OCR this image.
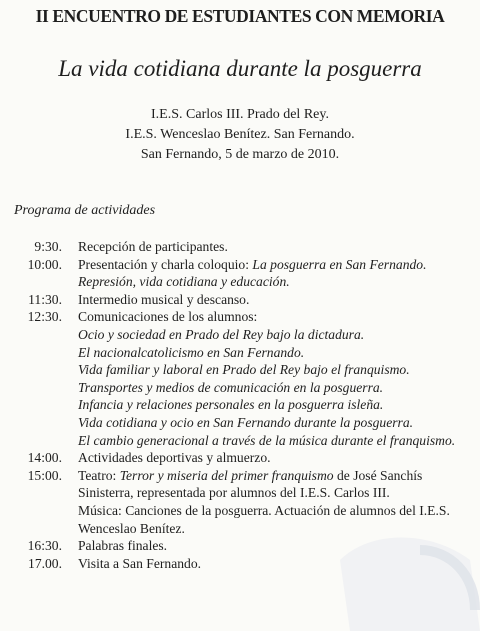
II ENCUENTRO DE ESTUDIANTES CON MEMORIA
La vida cotidiana durante la posguerra
I.E.S. Carlos III. Prado del Rey.
I.E.S. Wenceslao Benítez. San Fernando.
San Fernando, 5 de marzo de 2010.
Programa de actividades
9:30. Recepción de participantes.
10:00. Presentación y charla coloquio: La posguerra en San Fernando.
Represión, vida cotidiana y educación.
11:30. Intermedio musical y descanso.
12:30. Comunicaciones de los alumnos:
Ocio y sociedad en Prado del Rey bajo la dictadura.
El nacionalcatolicismo en San Fernando.
Vida familiar y laboral en Prado del Rey bajo el franquismo.
Transportes y medios de comunicación en la posguerra.
Infancia y relaciones personales en la posguerra isleña.
Vida cotidiana y ocio en San Fernando durante la posguerra.
El cambio generacional a través de la música durante el franquismo.
14:00. Actividades deportivas y almuerzo.
15:00. Teatro: Terror y miseria del primer franquismo de José Sanchís
Sinisterra, representada por alumnos del I.E.S. Carlos III.
Música: Canciones de la posguerra. Actuación de alumnos del I.E.S.
Wenceslao Benítez.
16:30. Palabras finales.
17.00. Visita a San Fernando.
